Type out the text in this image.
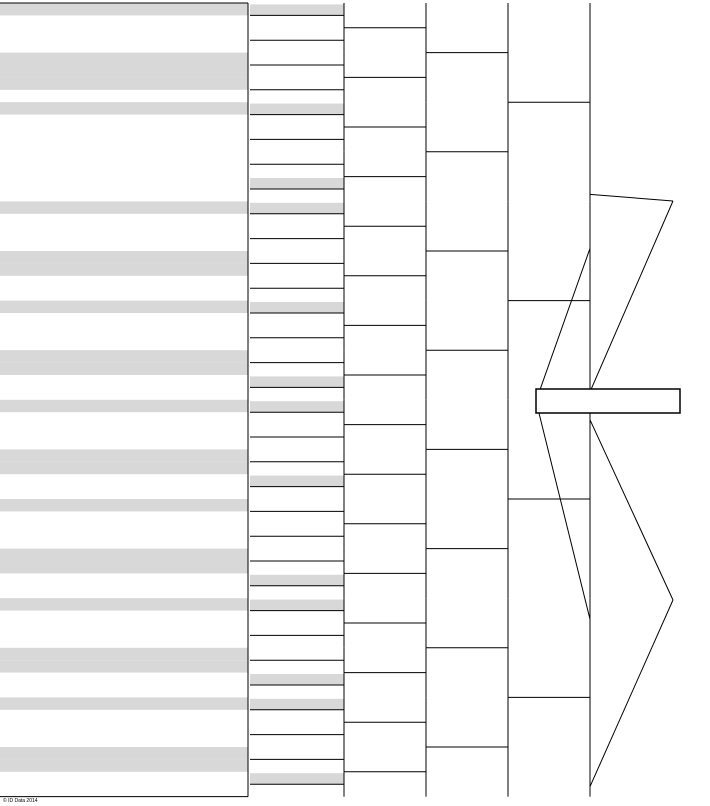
© ID Data 2014
